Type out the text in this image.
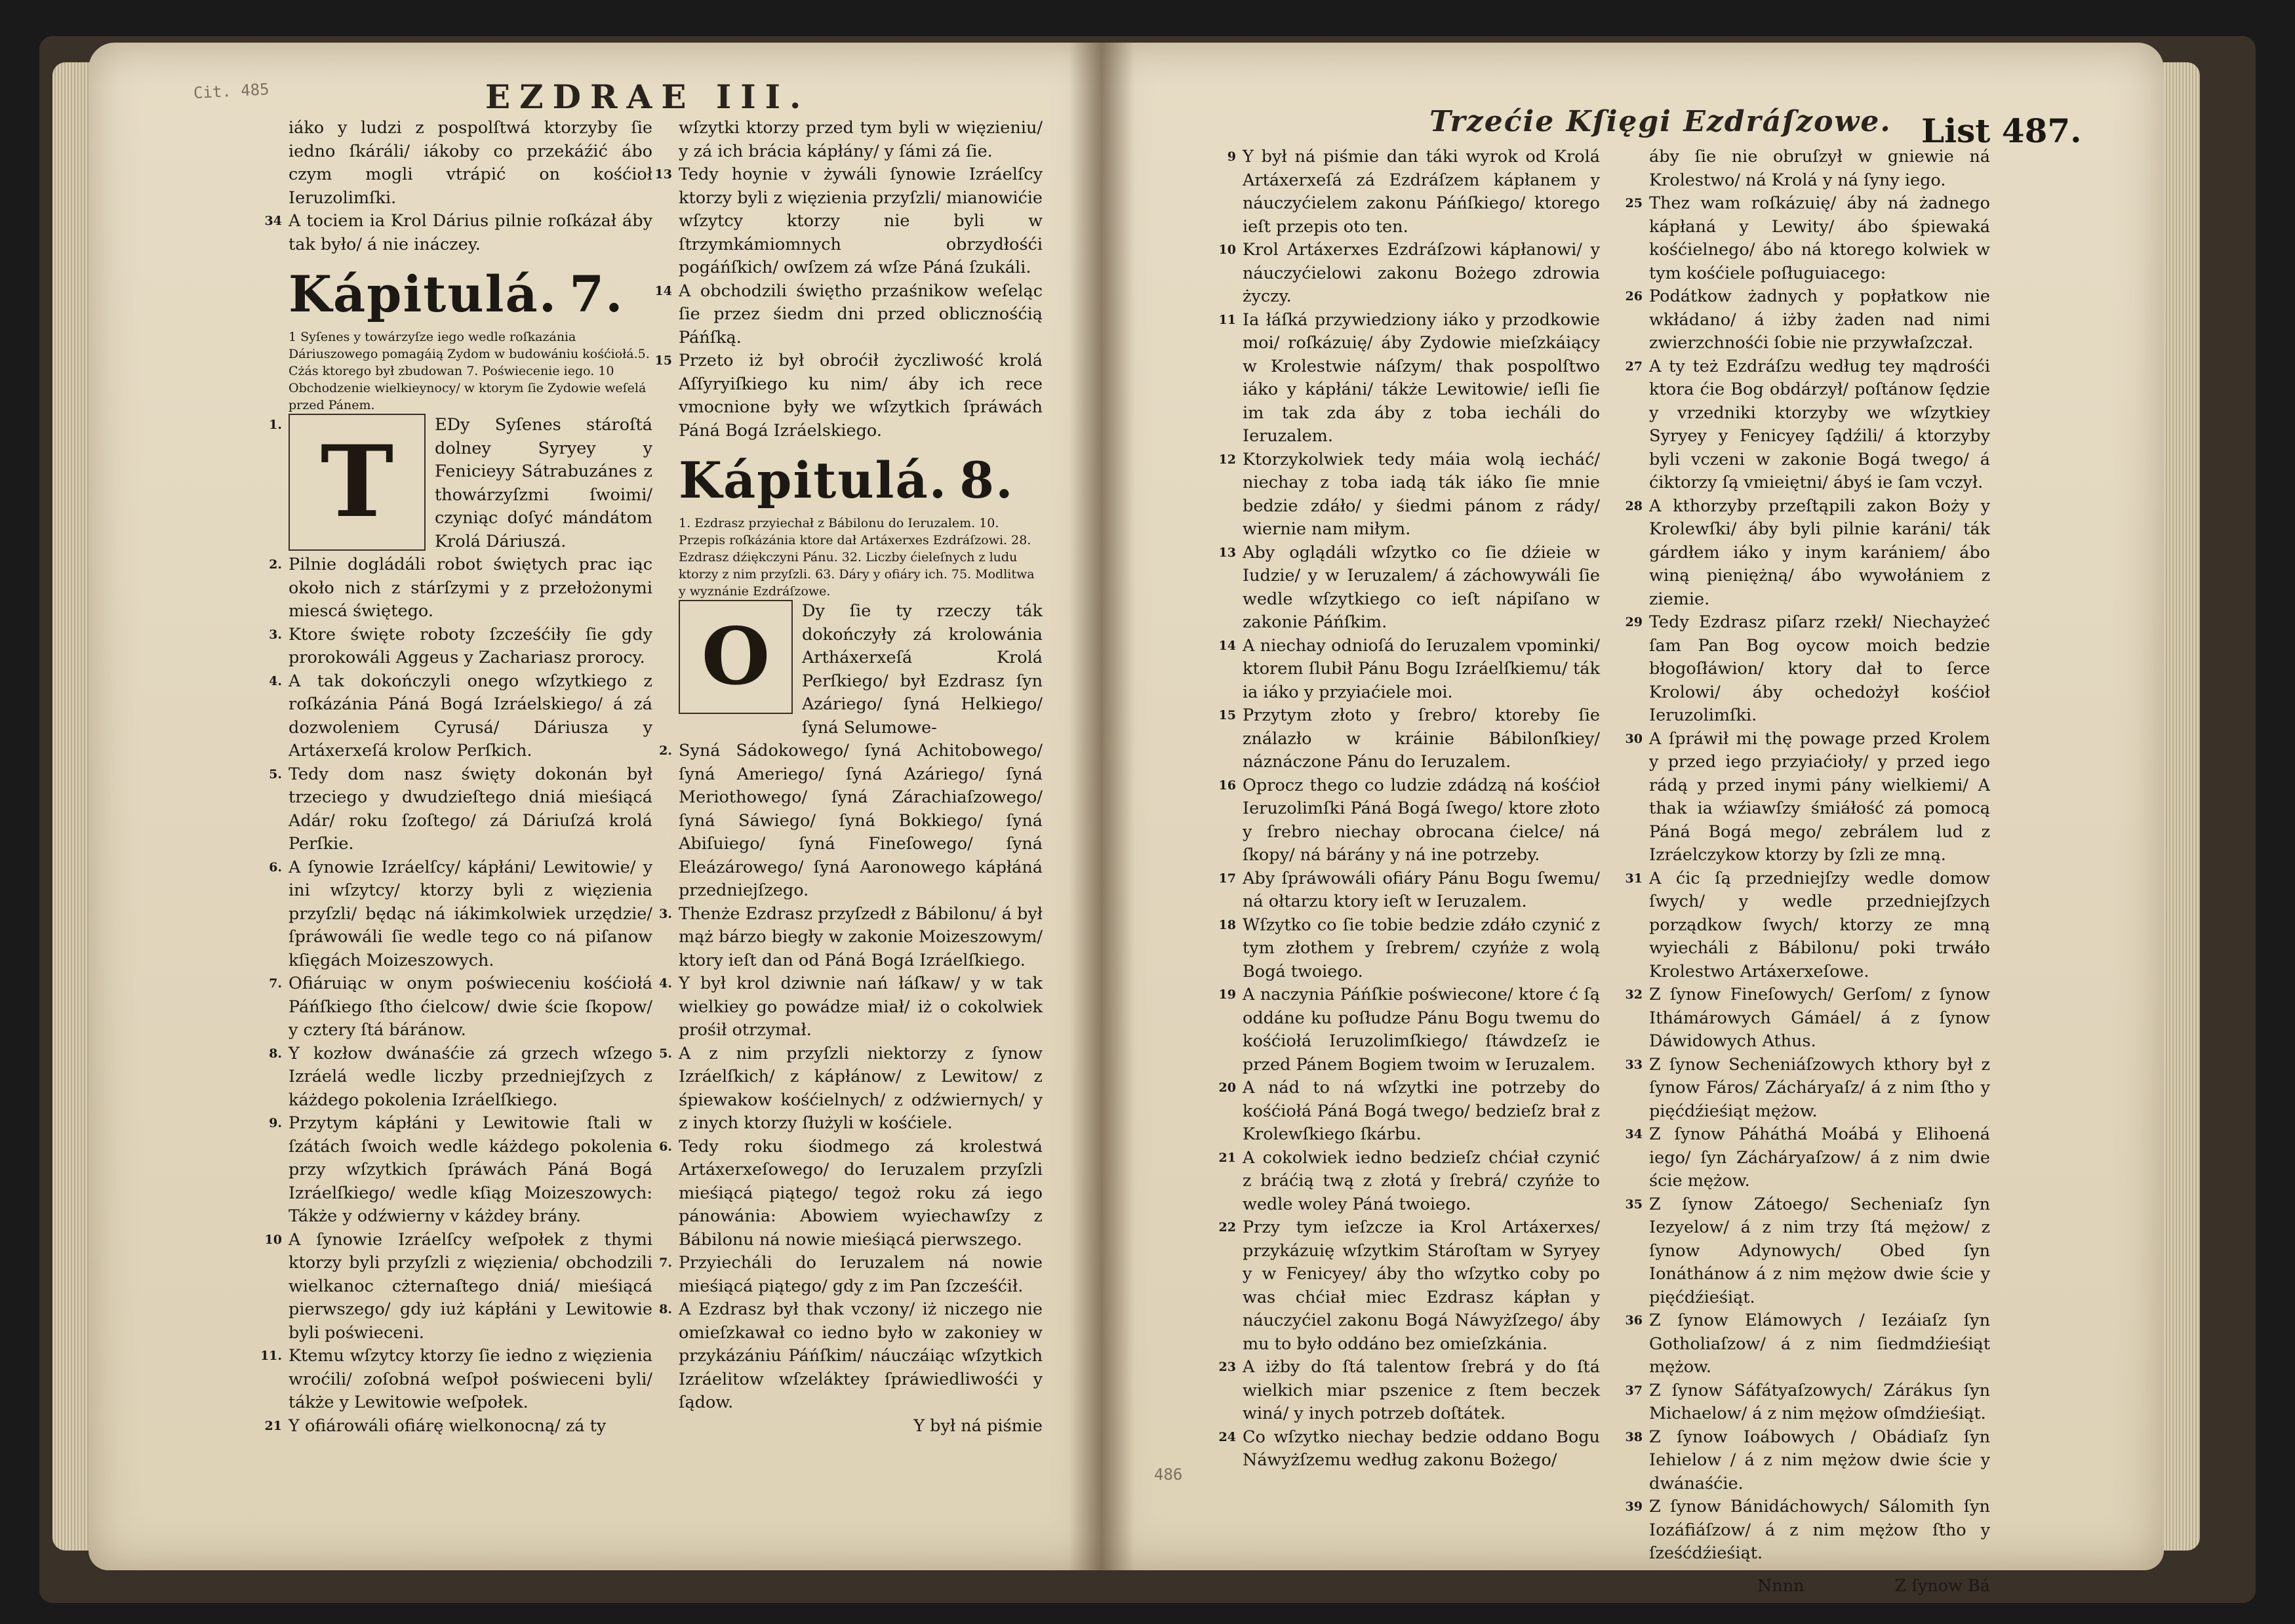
Cit. 485	EZDRAE III.

iáko y ludzi z pospolſtwá ktorzyby ſie iedno ſkáráli/ iákoby co przekáźić ábo czym mogli vtrápić on kośćioł Ieruzolimſki.

34 A tociem ia Krol Dárius pilnie roſkázał áby tak było/ á nie ináczey.

Kápitulá. 7.

1 Syſenes y towárzyſze iego wedle roſkazánia Dáriuszowego pomagáią Zydom w budowániu kośćiołá.5. Cżás ktorego był zbudowan 7. Poświecenie iego. 10 Obchodzenie wielkieynocy/ w ktorym ſie Zydowie weſelá przed Pánem.

T

1.	EDy Syſenes stároſtá dolney Syryey y Fenicieyy Sátrabuzánes z thowárzyſzmi ſwoimi/ czyniąc doſyć mándátom Krolá Dáriuszá.

2. Pilnie dogládáli robot świętych prac iąc około nich z stárſzymi y z przełożonymi miescá świętego.

3. Ktore święte roboty ſzcześćiły ſie gdy prorokowáli Aggeus y Zachariasz prorocy.

4. A tak dokończyli onego wſzytkiego z roſkázánia Páná Bogá Izráelskiego/ á zá dozwoleniem Cyrusá/ Dáriusza y Artáxerxeſá krolow Perſkich.

5. Tedy dom nasz święty dokonán był trzeciego y dwudzieſtego dniá mieśiącá Adár/ roku ſzoſtego/ zá Dáriuſzá krolá Perſkie.

6. A ſynowie Izráelſcy/ kápłáni/ Lewitowie/ y ini wſzytcy/ ktorzy byli z więzienia przyſzli/ będąc ná iákimkolwiek urzędzie/ ſpráwowáli ſie wedle tego co ná piſanow kſięgách Moizeszowych.

7. Ofiáruiąc w onym poświeceniu kośćiołá Páńſkiego ſtho ćielcow/ dwie ście ſkopow/ y cztery ſtá báránow.

8. Y kozłow dwánaśćie zá grzech wſzego Izráelá wedle liczby przedniejſzych z káżdego pokolenia Izráelſkiego.

9. Przytym kápłáni y Lewitowie ſtali w ſzátách ſwoich wedle káżdego pokolenia przy wſzytkich ſpráwách Páná Bogá Izráelſkiego/ wedle kſiąg Moizeszowych: Tákże y odźwierny v káżdey brány.

10 A ſynowie Izráelſcy weſpołek z thymi ktorzy byli przyſzli z więzienia/ obchodzili wielkanoc cżternaſtego dniá/ mieśiącá pierwszego/ gdy iuż kápłáni y Lewitowie byli poświeceni.

11. Ktemu wſzytcy ktorzy ſie iedno z więzienia wroćili/ zoſobná weſpoł poświeceni byli/ tákże y Lewitowie weſpołek.

21 Y ofiárowáli ofiárę wielkonocną/ zá ty

wſzytki ktorzy przed tym byli w więzieniu/ y zá ich brácia kápłány/ y ſámi zá ſie.

13 Tedy hoynie v żywáli ſynowie Izráelſcy ktorzy byli z więzienia przyſzli/ mianowićie wſzytcy ktorzy nie byli w ſtrzymkámiomnych obrzydłośći pogáńſkich/ owſzem zá wſze Páná ſzukáli.

14 A obchodzili świętho przaśnikow weſeląc ſie przez śiedm dni przed oblicznośćią Páńſką.

15 Przeto iż był obroćił życzliwość krolá Aſſyryiſkiego ku nim/ áby ich rece vmocnione były we wſzytkich ſpráwách Páná Bogá Izráelskiego.

Kápitulá. 8.

1. Ezdrasz przyiechał z Bábilonu do Ieruzalem. 10. Przepis roſkázánia ktore dał Artáxerxes Ezdráſzowi. 28. Ezdrasz dźiękczyni Pánu. 32. Liczby ćieleſnych z ludu ktorzy z nim przyſzli. 63. Dáry y ofiáry ich. 75. Modlitwa y wyznánie Ezdráſzowe.

O	Dy ſie ty rzeczy ták dokończyły zá krolowánia Artháxerxeſá Krolá Perſkiego/ był Ezdrasz ſyn Azáriego/ ſyná Helkiego/ ſyná Selumowe-

2. Syná Sádokowego/ ſyná Achitobowego/ ſyná Ameriego/ ſyná Azáriego/ ſyná Meriothowego/ ſyná Zárachiaſzowego/ ſyná Sáwiego/ ſyná Bokkiego/ ſyná Abiſuiego/ ſyná Fineſowego/ ſyná Eleázárowego/ ſyná Aaronowego kápłáná przedniejſzego.

3. Thenże Ezdrasz przyſzedł z Bábilonu/ á był mąż bárzo biegły w zakonie Moizeszowym/ ktory ieſt dan od Páná Bogá Izráelſkiego.

4. Y był krol dziwnie nań łáſkaw/ y w tak wielkiey go powádze miał/ iż o cokolwiek prośił otrzymał.

5. A z nim przyſzli niektorzy z ſynow Izráelſkich/ z kápłánow/ z Lewitow/ z śpiewakow kośćielnych/ z odźwiernych/ y z inych ktorzy ſłużyli w kośćiele.

6. Tedy roku śiodmego zá krolestwá Artáxerxeſowego/ do Ieruzalem przyſzli mieśiącá piątego/ tegoż roku zá iego pánowánia: Abowiem wyiechawſzy z Bábilonu ná nowie mieśiącá pierwszego.

7. Przyiecháli do Ieruzalem ná nowie mieśiącá piątego/ gdy z im Pan ſzcześćił.

8. A Ezdrasz był thak vczony/ iż niczego nie omieſzkawał co iedno było w zakoniey w przykázániu Páńſkim/ náuczáiąc wſzytkich Izráelitow wſzeláktey ſpráwiedliwośći y ſądow.

Y był ná piśmie

Trzećie Kſięgi Ezdráſzowe. List 487.
486

9 Y był ná piśmie dan táki wyrok od Krolá Artáxerxeſá zá Ezdráſzem kápłanem y náuczyćielem zakonu Páńſkiego/ ktorego ieſt przepis oto ten.

10 Krol Artáxerxes Ezdráſzowi kápłanowi/ y náuczyćielowi zakonu Bożego zdrowia życzy.

11 Ia łáſká przywiedziony iáko y przodkowie moi/ roſkázuię/ áby Zydowie mieſzkáiący w Krolestwie náſzym/ thak pospolſtwo iáko y kápłáni/ tákże Lewitowie/ ieſli ſie im tak zda áby z toba iecháli do Ieruzalem.

12 Ktorzykolwiek tedy máia wolą iecháć/ niechay z toba iadą ták iáko ſie mnie bedzie zdáło/ y śiedmi pánom z rády/ wiernie nam miłym.

13 Aby oglądáli wſzytko co ſie dźieie w Iudzie/ y w Ieruzalem/ á záchowywáli ſie wedle wſzytkiego co ieſt nápiſano w zakonie Páńſkim.

14 A niechay odnioſá do Ieruzalem vpominki/ ktorem ſlubił Pánu Bogu Izráelſkiemu/ ták ia iáko y przyiaćiele moi.

15 Przytym złoto y ſrebro/ ktoreby ſie ználazło w kráinie Bábilonſkiey/ náznáczone Pánu do Ieruzalem.

16 Oprocz thego co ludzie zdádzą ná kośćioł Ieruzolimſki Páná Bogá ſwego/ ktore złoto y ſrebro niechay obrocana ćielce/ ná ſkopy/ ná bárány y ná ine potrzeby.

17 Aby ſpráwowáli ofiáry Pánu Bogu ſwemu/ ná ołtarzu ktory ieſt w Ieruzalem.

18 Wſzytko co ſie tobie bedzie zdáło czynić z tym złothem y ſrebrem/ czyńże z wolą Bogá twoiego.

19 A naczynia Páńſkie poświecone/ ktore ć ſą oddáne ku poſłudze Pánu Bogu twemu do kośćiołá Ieruzolimſkiego/ ſtáwdzeſz ie przed Pánem Bogiem twoim w Ieruzalem.

20 A nád to ná wſzytki ine potrzeby do kośćiołá Páná Bogá twego/ bedzieſz brał z Krolewſkiego ſkárbu.

21 A cokolwiek iedno bedzieſz chćiał czynić z bráćią twą z złotá y ſrebrá/ czyńże to wedle woley Páná twoiego.

22 Przy tym ieſzcze ia Krol Artáxerxes/ przykázuię wſzytkim Stároſtam w Syryey y w Fenicyey/ áby tho wſzytko coby po was chćiał miec Ezdrasz kápłan y náuczyćiel zakonu Bogá Náwyżſzego/ áby mu to było oddáno bez omieſzkánia.

23 A iżby do ſtá talentow ſrebrá y do ſtá wielkich miar pszenice z ſtem beczek winá/ y inych potrzeb doſtátek.

24 Co wſzytko niechay bedzie oddano Bogu Náwyżſzemu według zakonu Bożego/

áby ſie nie obruſzył w gniewie ná Krolestwo/ ná Krolá y ná ſyny iego.

25 Thez wam roſkázuię/ áby ná żadnego kápłaná y Lewity/ ábo śpiewaká kośćielnego/ ábo ná ktorego kolwiek w tym kośćiele poſługuiacego:

26 Podátkow żadnych y popłatkow nie wkłádano/ á iżby żaden nad nimi zwierzchnośći ſobie nie przywłaſzczał.

27 A ty też Ezdráſzu według tey mądrośći ktora ćie Bog obdárzył/ poſtánow ſędzie y vrzedniki ktorzyby we wſzytkiey Syryey y Fenicyey ſądźili/ á ktorzyby byli vczeni w zakonie Bogá twego/ á ćiktorzy ſą vmieiętni/ ábyś ie ſam vczył.

28 A kthorzyby przeſtąpili zakon Boży y Krolewſki/ áby byli pilnie karáni/ ták gárdłem iáko y inym karániem/ ábo winą pieniężną/ ábo wywołániem z ziemie.

29 Tedy Ezdrasz piſarz rzekł/ Niechayżeć ſam Pan Bog oycow moich bedzie błogoſłáwion/ ktory dał to ſerce Krolowi/ áby ochedożył kośćioł Ieruzolimſki.

30 A ſpráwił mi thę powage przed Krolem y przed iego przyiaćioły/ y przed iego rádą y przed inymi pány wielkiemi/ A thak ia wźiawſzy śmiáłość zá pomocą Páná Bogá mego/ zebrálem lud z Izráelczykow ktorzy by ſzli ze mną.

31 A ćic ſą przedniejſzy wedle domow ſwych/ y wedle przedniejſzych porządkow ſwych/ ktorzy ze mną wyiecháli z Bábilonu/ poki trwáło Krolestwo Artáxerxeſowe.

32 Z ſynow Fineſowych/ Gerſom/ z ſynow Ithámárowych Gámáel/ á z ſynow Dáwidowych Athus.

33 Z ſynow Secheniáſzowych kthory był z ſynow Fáros/ Zácháryaſz/ á z nim ſtho y pięćdźieśiąt mężow.

34 Z ſynow Páháthá Moábá y Elihoená iego/ ſyn Zácháryaſzow/ á z nim dwie ście mężow.

35 Z ſynow Zátoego/ Secheniaſz ſyn Iezyelow/ á z nim trzy ſtá mężow/ z ſynow Adynowych/ Obed ſyn Ionáthánow á z nim mężow dwie ście y pięćdźieśiąt.

36 Z ſynow Elámowych / Iezáiaſz ſyn Gotholiaſzow/ á z nim ſiedmdźieśiąt mężow.

37 Z ſynow Sáfátyaſzowych/ Zárákus ſyn Michaelow/ á z nim mężow oſmdźieśiąt.

38 Z ſynow Ioábowych / Obádiaſz ſyn Iehielow / á z nim mężow dwie ście y dwánaśćie.

39 Z ſynow Bánidáchowych/ Sálomith ſyn Iozáfiáſzow/ á z nim mężow ſtho y ſześćdźieśiąt.

Nnnn	Z ſynow Bá
